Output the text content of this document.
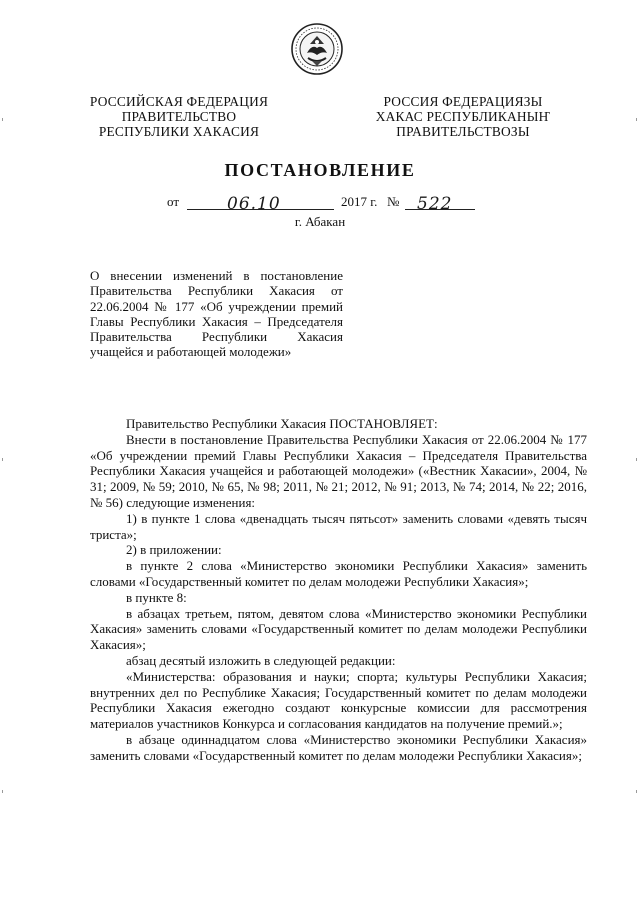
РОССИЙСКАЯ ФЕДЕРАЦИЯ
ПРАВИТЕЛЬСТВО
РЕСПУБЛИКИ ХАКАСИЯ
РОССИЯ ФЕДЕРАЦИЯЗЫ
ХАКАС РЕСПУБЛИКАНЫҤ
ПРАВИТЕЛЬСТВОЗЫ
ПОСТАНОВЛЕНИЕ
от	06.10	2017 г. № 522
г. Абакан
О внесении изменений в постановление Правительства Республики Хакасия от 22.06.2004 № 177 «Об учреждении премий Главы Республики Хакасия – Председателя Правительства Республики Хакасия учащейся и работающей молодежи»

Правительство Республики Хакасия ПОСТАНОВЛЯЕТ:

Внести в постановление Правительства Республики Хакасия от 22.06.2004 № 177 «Об учреждении премий Главы Республики Хакасия – Председателя Правительства Республики Хакасия учащейся и работающей молодежи» («Вестник Хакасии», 2004, № 31; 2009, № 59; 2010, № 65, № 98; 2011, № 21; 2012, № 91; 2013, № 74; 2014, № 22; 2016, № 56) следующие изменения:

1) в пункте 1 слова «двенадцать тысяч пятьсот» заменить словами «девять тысяч триста»;

2) в приложении:

в пункте 2 слова «Министерство экономики Республики Хакасия» заменить словами «Государственный комитет по делам молодежи Республики Хакасия»;

в пункте 8:

в абзацах третьем, пятом, девятом слова «Министерство экономики Республики Хакасия» заменить словами «Государственный комитет по делам молодежи Республики Хакасия»;

абзац десятый изложить в следующей редакции:

«Министерства: образования и науки; спорта; культуры Республики Хакасия; внутренних дел по Республике Хакасия; Государственный комитет по делам молодежи Республики Хакасия ежегодно создают конкурсные комиссии для рассмотрения материалов участников Конкурса и согласования кандидатов на получение премий.»;

в абзаце одиннадцатом слова «Министерство экономики Республики Хакасия» заменить словами «Государственный комитет по делам молодежи Республики Хакасия»;
